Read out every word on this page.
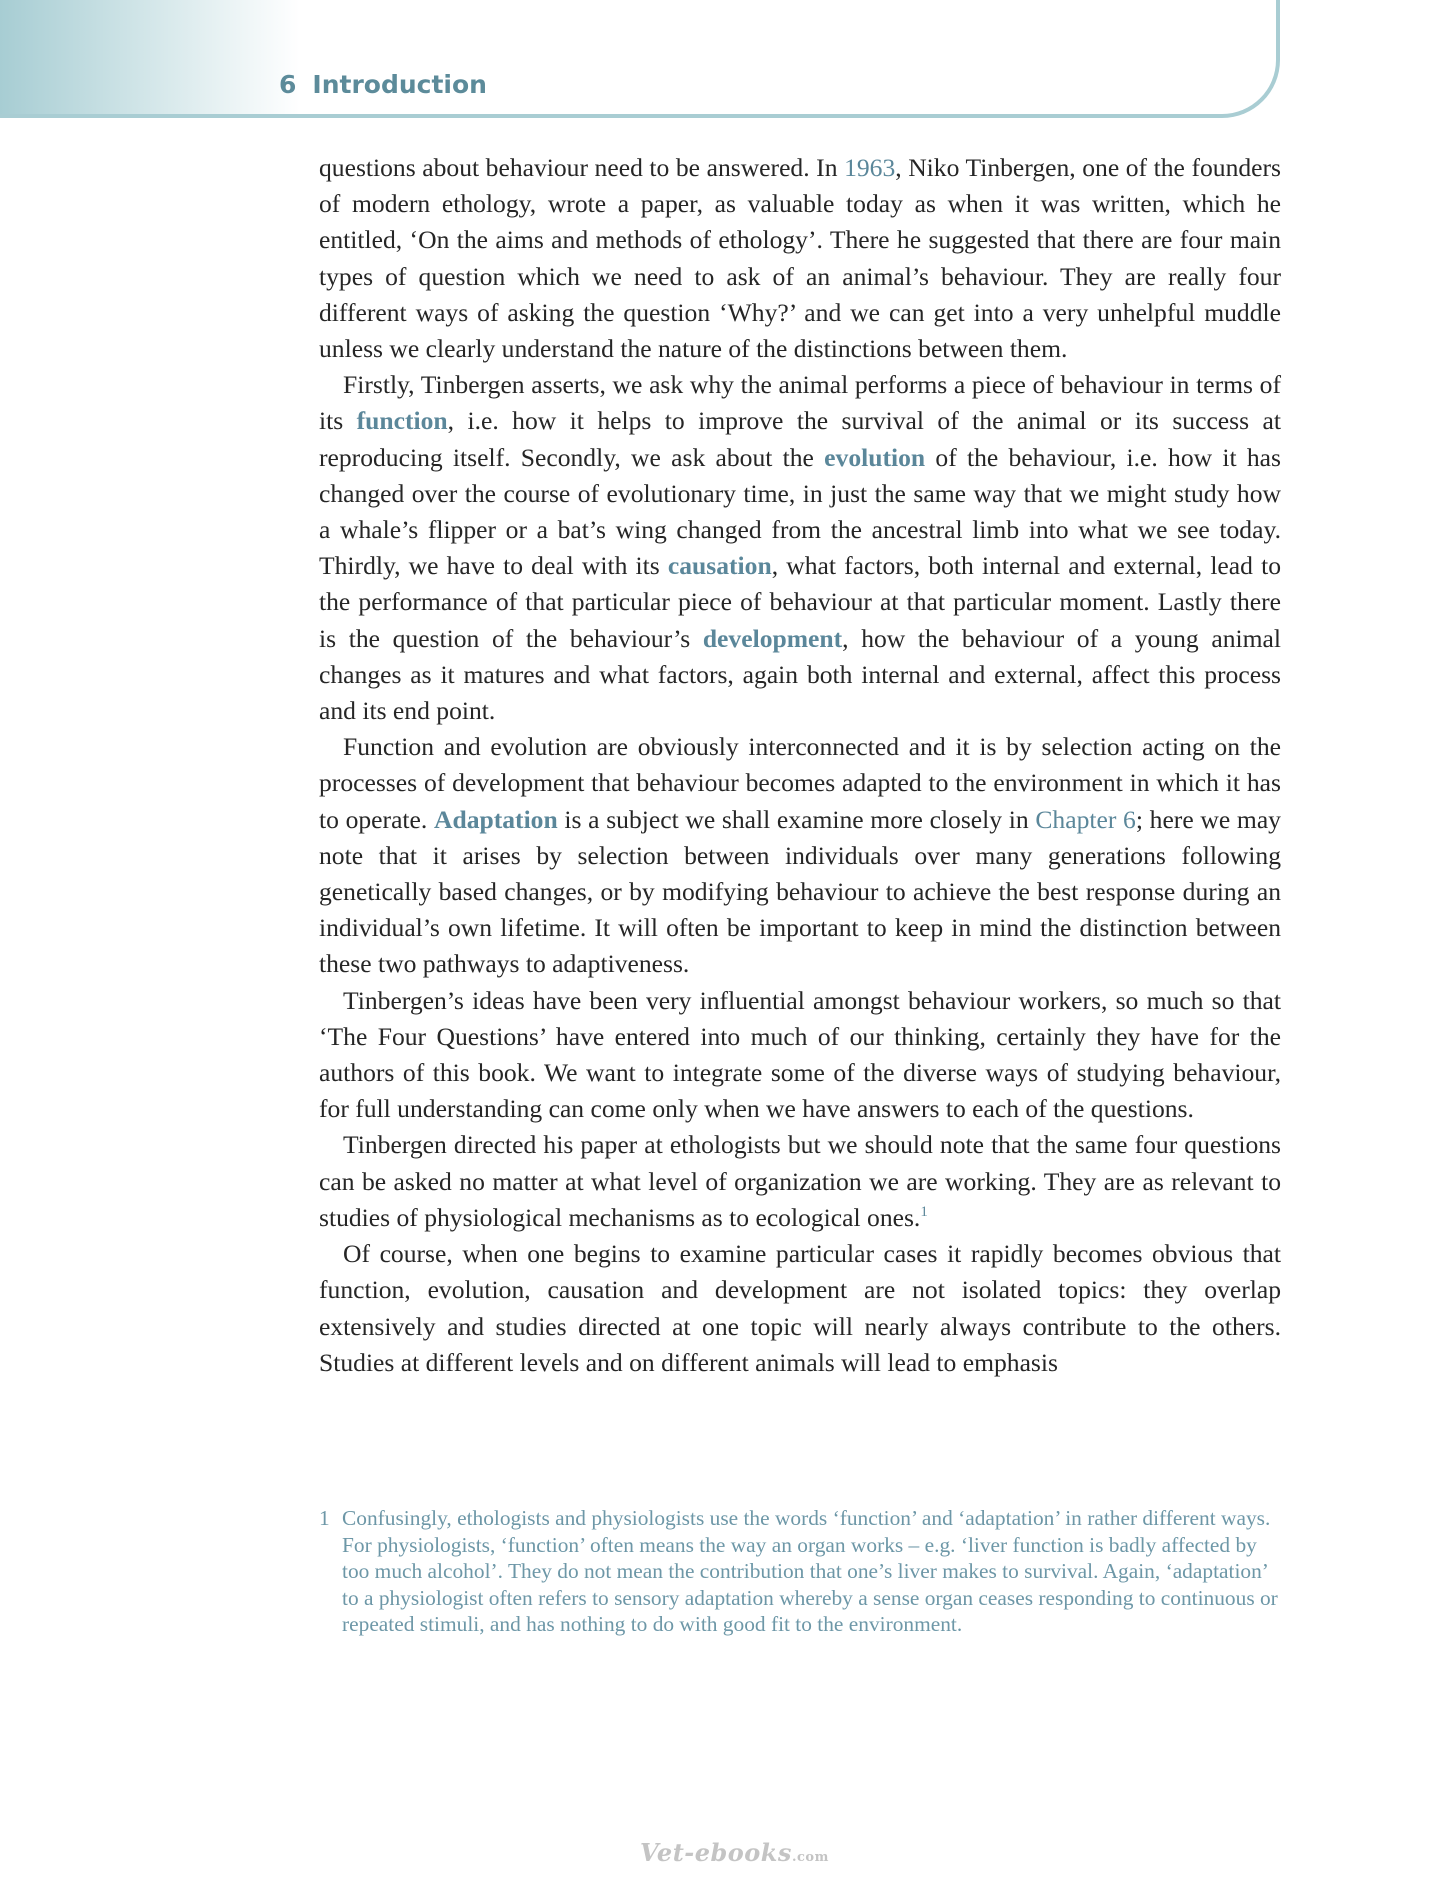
6 Introduction

questions about behaviour need to be answered. In 1963, Niko Tinbergen, one of the founders of modern ethology, wrote a paper, as valuable today as when it was written, which he entitled, ‘On the aims and methods of ethology’. There he suggested that there are four main types of question which we need to ask of an animal’s behaviour. They are really four different ways of asking the question ‘Why?’ and we can get into a very unhelpful muddle unless we clearly understand the nature of the distinctions between them.

Firstly, Tinbergen asserts, we ask why the animal performs a piece of behaviour in terms of its function, i.e. how it helps to improve the survival of the animal or its success at reproducing itself. Secondly, we ask about the evolution of the behaviour, i.e. how it has changed over the course of evolutionary time, in just the same way that we might study how a whale’s flipper or a bat’s wing changed from the ancestral limb into what we see today. Thirdly, we have to deal with its causation, what factors, both internal and external, lead to the performance of that particular piece of behaviour at that particular moment. Lastly there is the question of the behaviour’s development, how the behaviour of a young animal changes as it matures and what factors, again both internal and external, affect this process and its end point.

Function and evolution are obviously interconnected and it is by selection acting on the processes of development that behaviour becomes adapted to the environment in which it has to operate. Adaptation is a subject we shall examine more closely in Chapter 6; here we may note that it arises by selection between individuals over many generations following genetically based changes, or by modifying behaviour to achieve the best response during an individual’s own lifetime. It will often be important to keep in mind the distinction between these two pathways to adaptiveness.

Tinbergen’s ideas have been very influential amongst behaviour workers, so much so that ‘The Four Questions’ have entered into much of our thinking, certainly they have for the authors of this book. We want to integrate some of the diverse ways of studying behaviour, for full understanding can come only when we have answers to each of the questions.

Tinbergen directed his paper at ethologists but we should note that the same four questions can be asked no matter at what level of organization we are working. They are as relevant to studies of physiological mechanisms as to ecological ones.$^1$

Of course, when one begins to examine particular cases it rapidly becomes obvious that function, evolution, causation and development are not isolated topics: they overlap extensively and studies directed at one topic will nearly always contribute to the others. Studies at different levels and on different animals will lead to emphasis

1 Confusingly, ethologists and physiologists use the words ‘function’ and ‘adaptation’ in rather different ways. For physiologists, ‘function’ often means the way an organ works – e.g. ‘liver function is badly affected by too much alcohol’. They do not mean the contribution that one’s liver makes to survival. Again, ‘adaptation’ to a physiologist often refers to sensory adaptation whereby a sense organ ceases responding to continuous or repeated stimuli, and has nothing to do with good fit to the environment.
Vet-ebooks.com
